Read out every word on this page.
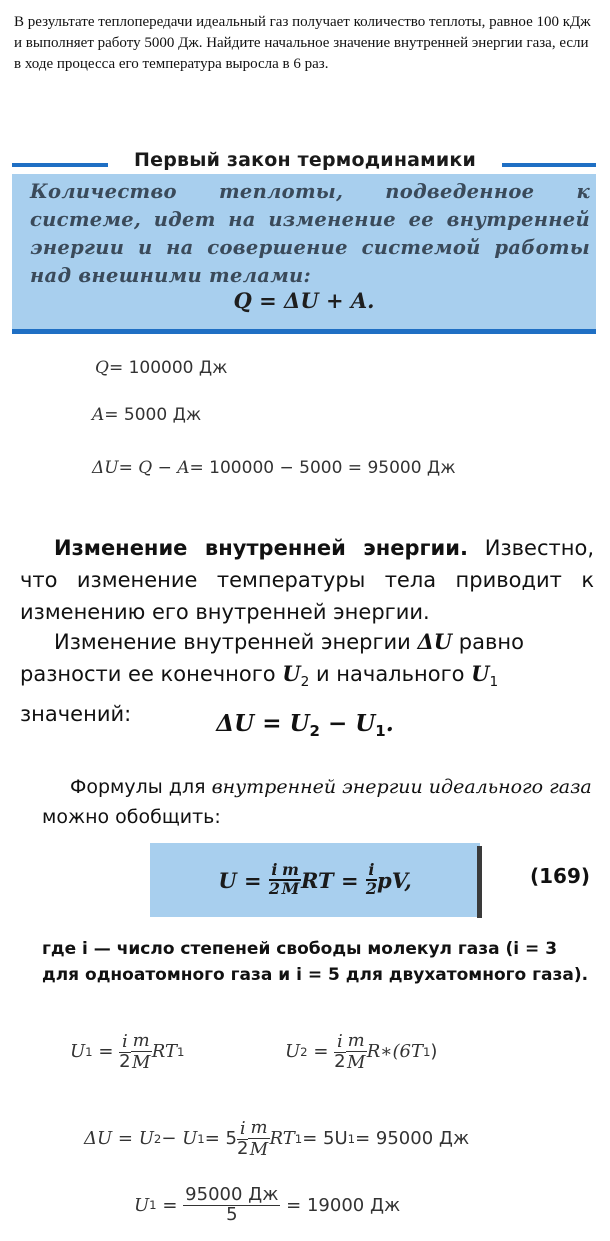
В результате теплопередачи идеальный газ получает количество теплоты, равное 100 кДж и выполняет работу 5000 Дж. Найдите начальное значение внутренней энергии газа, если в ходе процесса его температура выросла в 6 раз.
Первый закон термодинамики
Количество теплоты, подведенное к системе, идет на изменение ее внутренней энергии и на совершение системой работы над внешними телами:
Q = ΔU + A.
Q= 100000 Дж
A= 5000 Дж
ΔU= Q − A= 100000 − 5000 = 95000 Дж
Изменение внутренней энергии. Известно, что изменение температуры тела приводит к изменению его внутренней энергии.
Изменение внутренней энергии ΔU равно разности ее конечного $U_2$ и начального $U_1$ значений:	$\Delta U = U_2 - U_1$.
Формулы для внутренней энергии идеального газа можно обобщить:
U =
$\frac{i}{2} \frac{m}{M}$ RT =
$\frac{i}{2}$ pV,	(169)
где i — число степеней свободы молекул газа (i = 3 для одноатомного газа и i = 5 для двухатомного газа).
U 1
=
$\frac{i}{2} \frac{m}{M}$ RT 1	U 2
=
$\frac{i}{2} \frac{m}{M}$ R∗(6T 1 )
ΔU = U 2 − U $1 = 5 \frac{i}{2} \frac{m}{M}$ RT 1 = 5U 1 = 95000 Дж
U 1
=
$\frac{95000 Дж}{5}$
= 19000 Дж
